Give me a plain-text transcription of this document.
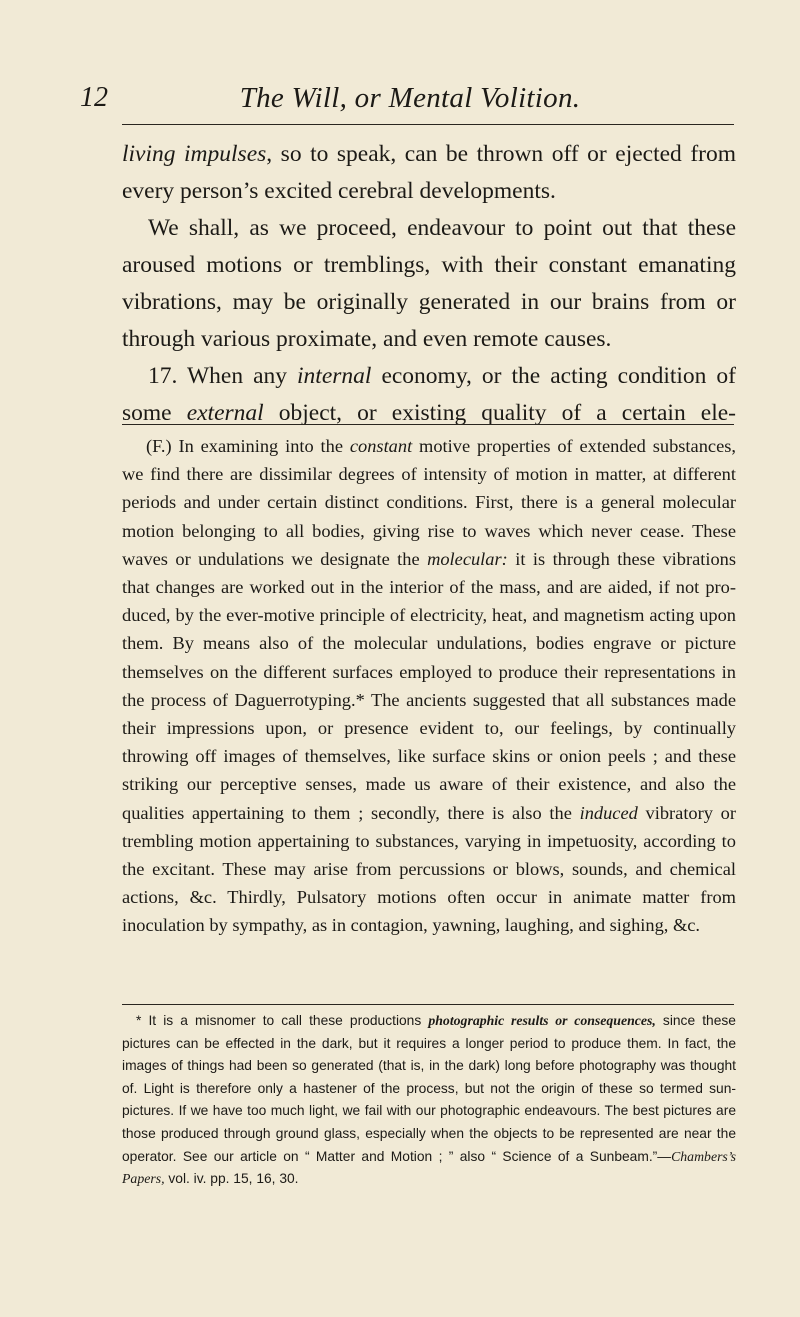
12	The Will, or Mental Volition.

living impulses, so to speak, can be thrown off or ejected from every person’s excited cerebral developments.

We shall, as we proceed, endeavour to point out that these aroused motions or tremblings, with their constant emanating vibrations, may be originally generated in our brains from or through various proximate, and even remote causes.

17. When any internal economy, or the acting condition of some external object, or existing quality of a certain ele-

(F.) In examining into the constant motive properties of extended substances, we find there are dissimilar degrees of intensity of motion in matter, at different periods and under certain distinct conditions. First, there is a general molecular motion belonging to all bodies, giving rise to waves which never cease. These waves or undulations we designate the molecular: it is through these vibrations that changes are worked out in the interior of the mass, and are aided, if not produced, by the ever-motive principle of electricity, heat, and magnetism acting upon them. By means also of the molecular undulations, bodies engrave or picture themselves on the different surfaces employed to produce their representations in the process of Daguerrotyping.* The ancients suggested that all substances made their impressions upon, or presence evident to, our feelings, by continually throwing off images of themselves, like surface skins or onion peels ; and these striking our perceptive senses, made us aware of their existence, and also the qualities appertaining to them ; secondly, there is also the induced vibratory or trembling motion appertaining to substances, varying in impetuosity, according to the excitant. These may arise from percussions or blows, sounds, and chemical actions, &c. Thirdly, Pulsatory motions often occur in animate matter from inoculation by sympathy, as in contagion, yawning, laughing, and sighing, &c.

* It is a misnomer to call these productions photographic results or consequences, since these pictures can be effected in the dark, but it requires a longer period to produce them. In fact, the images of things had been so generated (that is, in the dark) long before photography was thought of. Light is therefore only a hastener of the process, but not the origin of these so termed sun-pictures. If we have too much light, we fail with our photographic endeavours. The best pictures are those produced through ground glass, especially when the objects to be represented are near the operator. See our article on “ Matter and Motion ; ” also “ Science of a Sunbeam.”—Chambers’s Papers, vol. iv. pp. 15, 16, 30.
